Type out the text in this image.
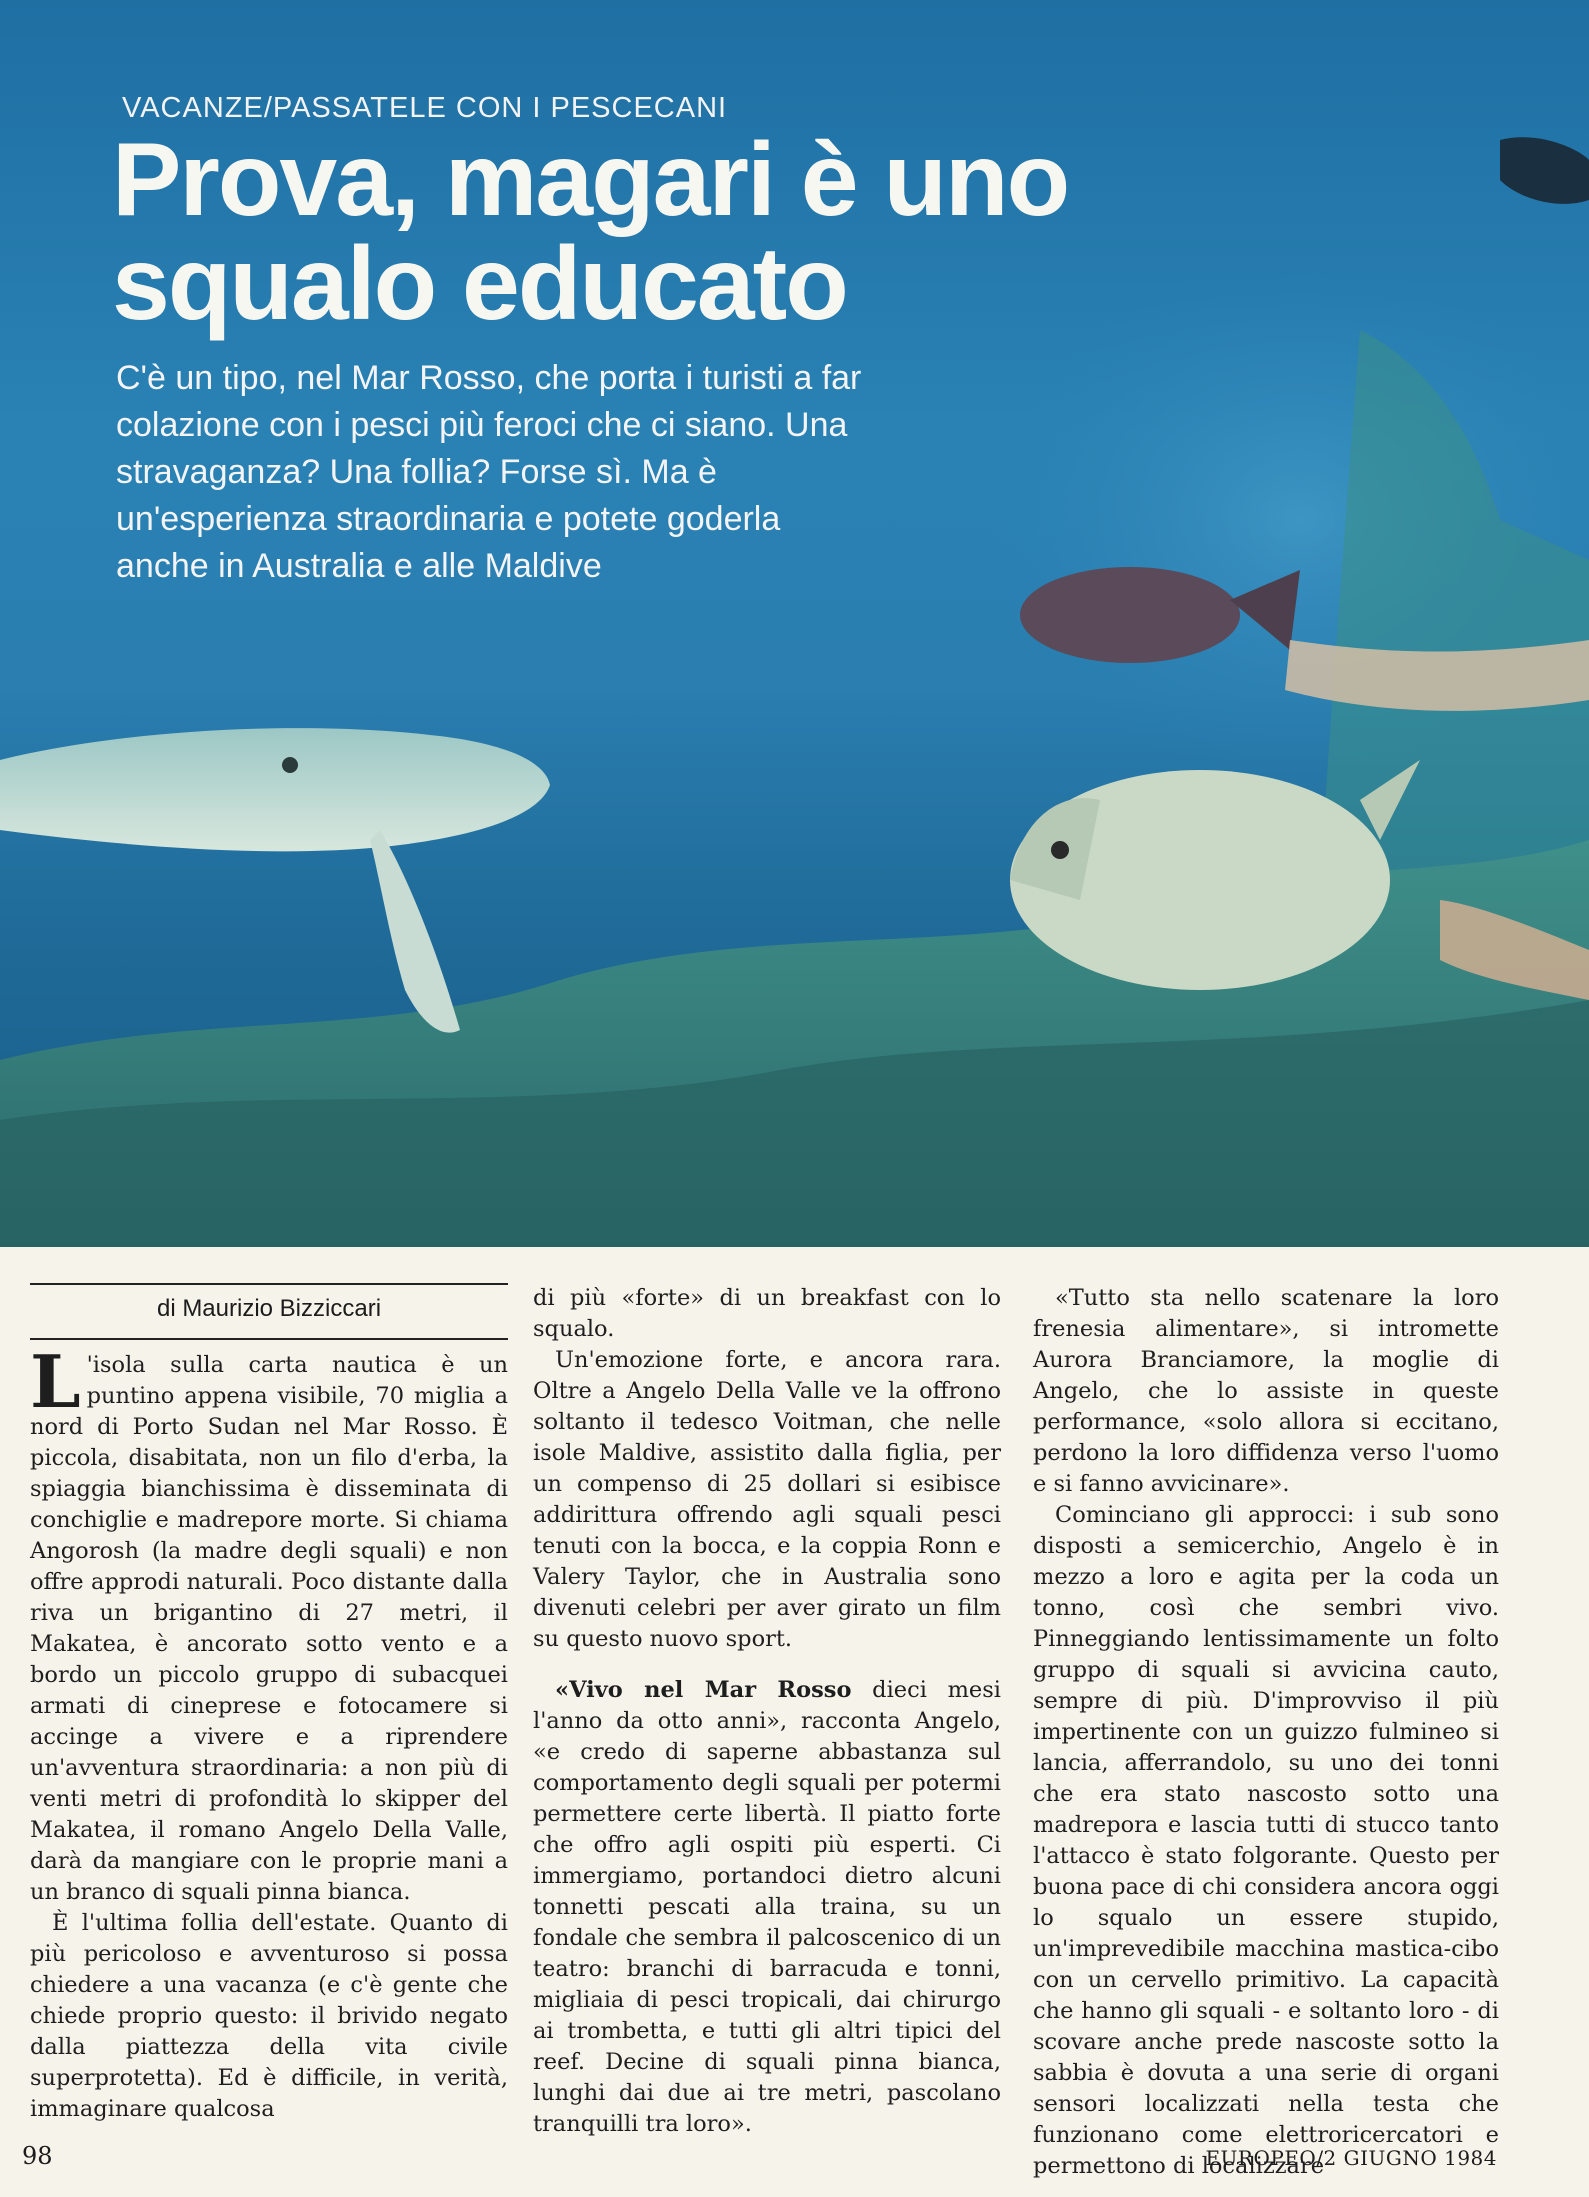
VACANZE/PASSATELE CON I PESCECANI
Prova, magari è uno
squalo educato
C'è un tipo, nel Mar Rosso, che porta i turisti a far colazione con i pesci più feroci che ci siano. Una stravaganza? Una follia? Forse sì. Ma è un'esperienza straordinaria e potete goderla anche in Australia e alle Maldive
di Maurizio Bizziccari

L 'isola sulla carta nautica è un puntino appena visibile, 70 miglia a nord di Porto Sudan nel Mar Rosso. È piccola, disabitata, non un filo d'erba, la spiaggia bianchissima è disseminata di conchiglie e madrepore morte. Si chiama Angorosh (la madre degli squali) e non offre approdi naturali. Poco distante dalla riva un brigantino di 27 metri, il Makatea, è ancorato sotto vento e a bordo un piccolo gruppo di subacquei armati di cineprese e fotocamere si accinge a vivere e a riprendere un'avventura straordinaria: a non più di venti metri di profondità lo skipper del Makatea, il romano Angelo Della Valle, darà da mangiare con le proprie mani a un branco di squali pinna bianca.

È l'ultima follia dell'estate. Quanto di più pericoloso e avventuroso si possa chiedere a una vacanza (e c'è gente che chiede proprio questo: il brivido negato dalla piattezza della vita civile superprotetta). Ed è difficile, in verità, immaginare qualcosa

di più «forte» di un breakfast con lo squalo.

Un'emozione forte, e ancora rara. Oltre a Angelo Della Valle ve la offrono soltanto il tedesco Voitman, che nelle isole Maldive, assistito dalla figlia, per un compenso di 25 dollari si esibisce addirittura offrendo agli squali pesci tenuti con la bocca, e la coppia Ronn e Valery Taylor, che in Australia sono divenuti celebri per aver girato un film su questo nuovo sport.

«Vivo nel Mar Rosso dieci mesi l'anno da otto anni», racconta Angelo, «e credo di saperne abbastanza sul comportamento degli squali per potermi permettere certe libertà. Il piatto forte che offro agli ospiti più esperti. Ci immergiamo, portandoci dietro alcuni tonnetti pescati alla traina, su un fondale che sembra il palcoscenico di un teatro: branchi di barracuda e tonni, migliaia di pesci tropicali, dai chirurgo ai trombetta, e tutti gli altri tipici del reef. Decine di squali pinna bianca, lunghi dai due ai tre metri, pascolano tranquilli tra loro».

«Tutto sta nello scatenare la loro frenesia alimentare», si intromette Aurora Branciamore, la moglie di Angelo, che lo assiste in queste performance, «solo allora si eccitano, perdono la loro diffidenza verso l'uomo e si fanno avvicinare».

Cominciano gli approcci: i sub sono disposti a semicerchio, Angelo è in mezzo a loro e agita per la coda un tonno, così che sembri vivo. Pinneggiando lentissimamente un folto gruppo di squali si avvicina cauto, sempre di più. D'improvviso il più impertinente con un guizzo fulmineo si lancia, afferrandolo, su uno dei tonni che era stato nascosto sotto una madrepora e lascia tutti di stucco tanto l'attacco è stato folgorante. Questo per buona pace di chi considera ancora oggi lo squalo un essere stupido, un'imprevedibile macchina mastica-cibo con un cervello primitivo. La capacità che hanno gli squali - e soltanto loro - di scovare anche prede nascoste sotto la sabbia è dovuta a una serie di organi sensori localizzati nella testa che funzionano come elettroricercatori e permettono di localizzare

98	EUROPEO/2 GIUGNO 1984
